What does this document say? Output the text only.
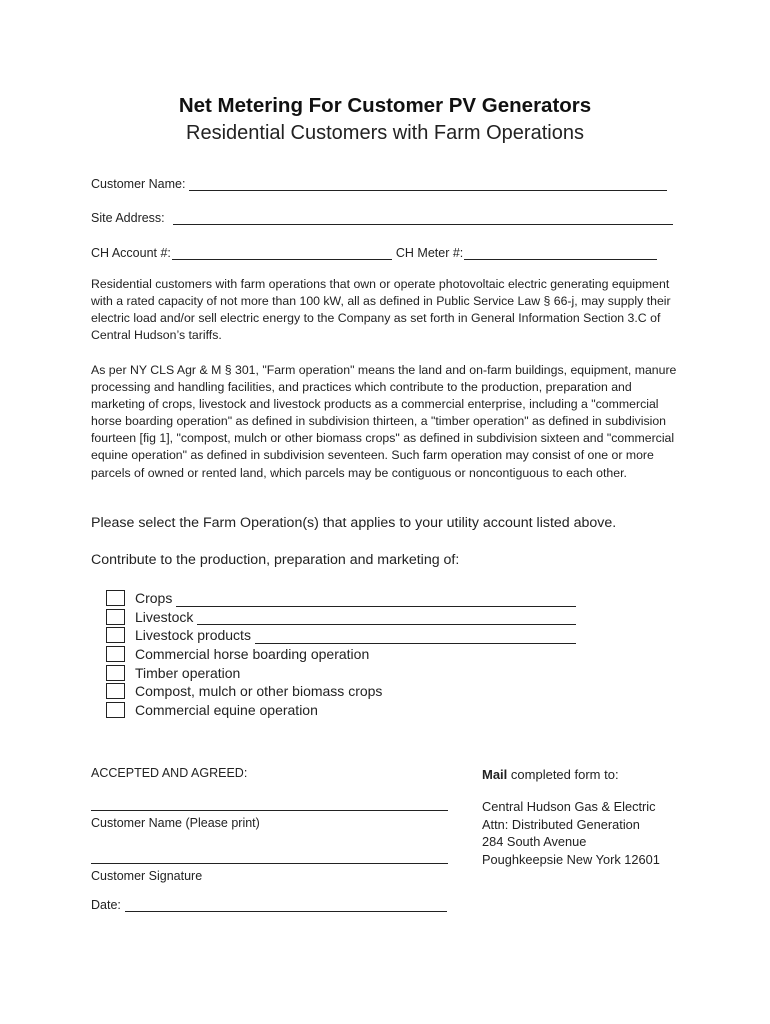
Net Metering For Customer PV Generators
Residential Customers with Farm Operations
Customer Name:
Site Address:
CH Account #:	CH Meter #:

Residential customers with farm operations that own or operate photovoltaic electric generating equipment with a rated capacity of not more than 100 kW, all as defined in Public Service Law § 66-j, may supply their electric load and/or sell electric energy to the Company as set forth in General Information Section 3.C of Central Hudson’s tariffs.

As per NY CLS Agr & M § 301, "Farm operation" means the land and on-farm buildings, equipment, manure processing and handling facilities, and practices which contribute to the production, preparation and marketing of crops, livestock and livestock products as a commercial enterprise, including a "commercial horse boarding operation" as defined in subdivision thirteen, a "timber operation" as defined in subdivision fourteen [fig 1], "compost, mulch or other biomass crops" as defined in subdivision sixteen and "commercial equine operation" as defined in subdivision seventeen. Such farm operation may consist of one or more parcels of owned or rented land, which parcels may be contiguous or noncontiguous to each other.

Please select the Farm Operation(s) that applies to your utility account listed above.
Contribute to the production, preparation and marketing of:
Crops
Livestock
Livestock products
Commercial horse boarding operation
Timber operation
Compost, mulch or other biomass crops
Commercial equine operation
ACCEPTED AND AGREED:
Customer Name (Please print)
Customer Signature
Date:
Mail completed form to:
Central Hudson Gas & Electric
Attn: Distributed Generation
284 South Avenue
Poughkeepsie New York 12601
